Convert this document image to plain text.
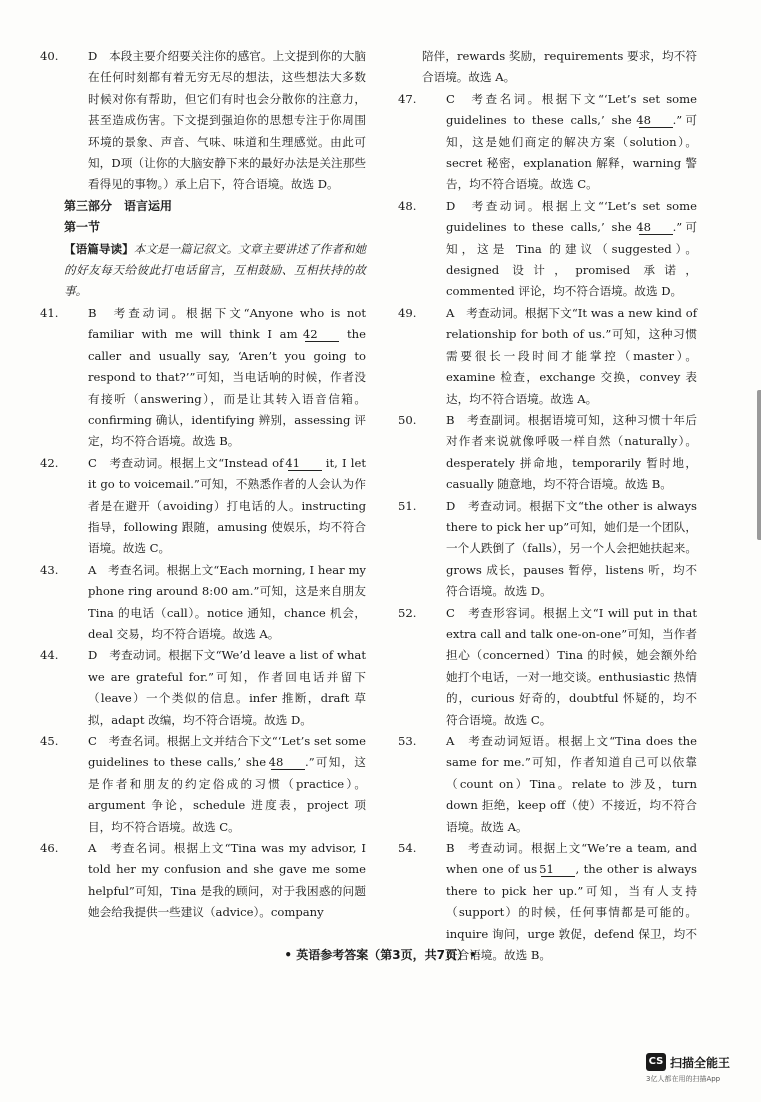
40.	D　本段主要介绍要关注你的感官。上文提到你的大脑在任何时刻都有着无穷无尽的想法，这些想法大多数时候对你有帮助，但它们有时也会分散你的注意力，甚至造成伤害。下文提到强迫你的思想专注于你周围环境的景象、声音、气味、味道和生理感觉。由此可知，D项（让你的大脑安静下来的最好办法是关注那些看得见的事物。）承上启下，符合语境。故选 D。

第三部分　语言运用

第一节

【语篇导读】本文是一篇记叙文。文章主要讲述了作者和她的好友每天给彼此打电话留言，互相鼓励、互相扶持的故事。

41.	B　考查动词。根据下文“Anyone who is not familiar with me will think I am 42 the caller and usually say, ‘Aren’t you going to respond to that?’”可知，当电话响的时候，作者没有接听（answering），而是让其转入语音信箱。confirming 确认，identifying 辨别，assessing 评定，均不符合语境。故选 B。

42.	C　考查动词。根据上文“Instead of 41 it, I let it go to voicemail.”可知，不熟悉作者的人会认为作者是在避开（avoiding）打电话的人。instructing 指导，following 跟随，amusing 使娱乐，均不符合语境。故选 C。

43.	A　考查名词。根据上文“Each morning, I hear my phone ring around 8:00 am.”可知，这是来自朋友 Tina 的电话（call）。notice 通知，chance 机会，deal 交易，均不符合语境。故选 A。

44.	D　考查动词。根据下文“We’d leave a list of what we are grateful for.”可知，作者回电话并留下（leave）一个类似的信息。infer 推断，draft 草拟，adapt 改编，均不符合语境。故选 D。

45.	C　考查名词。根据上文并结合下文“‘Let’s set some guidelines to these calls,’ she 48 .”可知，这是作者和朋友的约定俗成的习惯（practice）。argument 争论，schedule 进度表，project 项目，均不符合语境。故选 C。

46.	A　考查名词。根据上文“Tina was my advisor, I told her my confusion and she gave me some helpful”可知，Tina 是我的顾问，对于我困惑的问题她会给我提供一些建议（advice）。company

陪伴，rewards 奖励，requirements 要求，均不符合语境。故选 A。

47.	C　考查名词。根据下文“‘Let’s set some guidelines to these calls,’ she 48 .”可知，这是她们商定的解决方案（solution）。secret 秘密，explanation 解释，warning 警告，均不符合语境。故选 C。

48.	D　考查动词。根据上文“‘Let’s set some guidelines to these calls,’ she 48 .”可知，这是 Tina 的建议（suggested）。designed 设计，promised 承诺，commented 评论，均不符合语境。故选 D。

49.	A　考查动词。根据下文“It was a new kind of relationship for both of us.”可知，这种习惯需要很长一段时间才能掌控（master）。examine 检查，exchange 交换，convey 表达，均不符合语境。故选 A。

50.	B　考查副词。根据语境可知，这种习惯十年后对作者来说就像呼吸一样自然（naturally）。desperately 拼命地，temporarily 暂时地，casually 随意地，均不符合语境。故选 B。

51.	D　考查动词。根据下文“the other is always there to pick her up”可知，她们是一个团队，一个人跌倒了（falls），另一个人会把她扶起来。grows 成长，pauses 暂停，listens 听，均不符合语境。故选 D。

52.	C　考查形容词。根据上文“I will put in that extra call and talk one-on-one”可知，当作者担心（concerned）Tina 的时候，她会额外给她打个电话，一对一地交谈。enthusiastic 热情的，curious 好奇的，doubtful 怀疑的，均不符合语境。故选 C。

53.	A　考查动词短语。根据上文“Tina does the same for me.”可知，作者知道自己可以依靠（count on）Tina。relate to 涉及，turn down 拒绝，keep off（使）不接近，均不符合语境。故选 A。

54.	B　考查动词。根据上文“We’re a team, and when one of us 51 , the other is always there to pick her up.”可知，当有人支持（support）的时候，任何事情都是可能的。inquire 询问，urge 敦促，defend 保卫，均不符合语境。故选 B。

• 英语参考答案（第3页，共7页）•
CS 扫描全能王
3亿人都在用的扫描App
